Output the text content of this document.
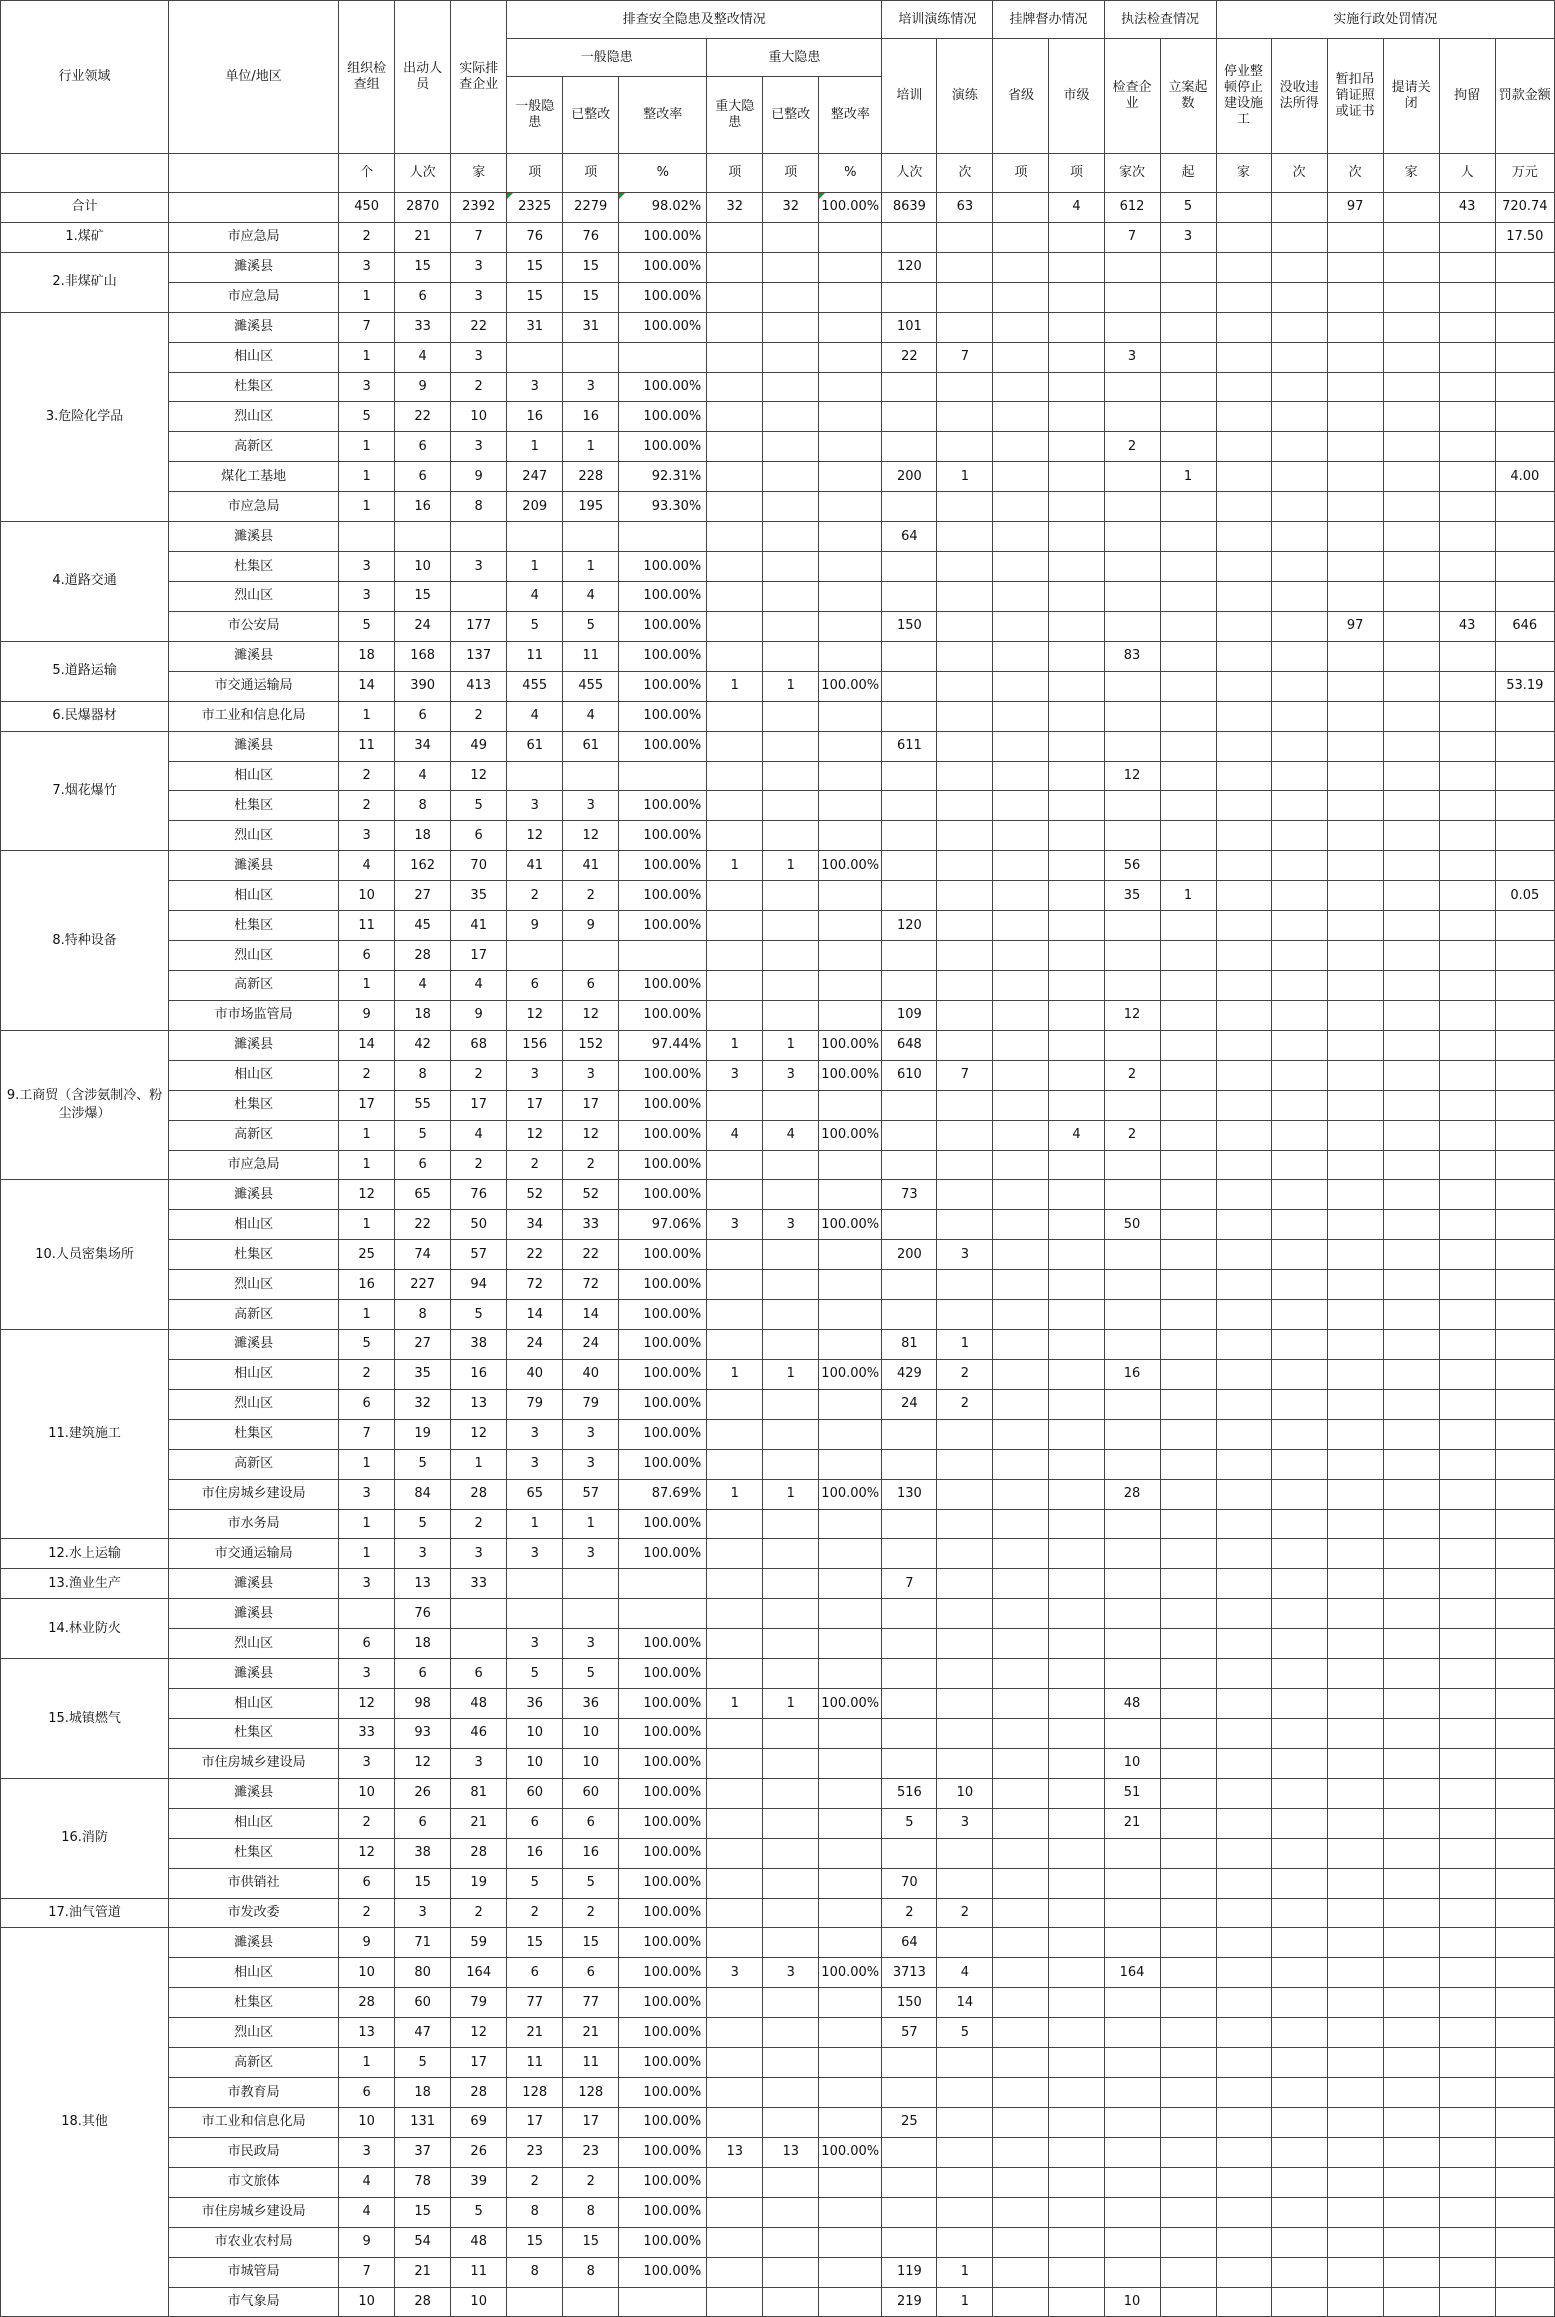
行业领域	单位/地区	组织检查组	出动人员	实际排查企业	排查安全隐患及整改情况						培训演练情况		挂牌督办情况		执法检查情况		实施行政处罚情况					
					一般隐患			重大隐患			培训	演练	省级	市级	检查企业	立案起数	停业整顿停止建设施工	没收违法所得	暂扣吊销证照或证书	提请关闭	拘留	罚款金额
					一般隐患	已整改	整改率	重大隐患	已整改	整改率												
		个	人次	家	项	项	%	项	项	%	人次	次	项	项	家次	起	家	次	次	家	人	万元
合计		450	2870	2392	2325	2279	98.02%	32	32	100.00%	8639	63		4	612	5			97		43	720.74
1.煤矿	市应急局	2	21	7	76	76	100.00%								7	3						17.50
2.非煤矿山	濉溪县	3	15	3	15	15	100.00%				120											
	市应急局	1	6	3	15	15	100.00%															
3.危险化学品	濉溪县	7	33	22	31	31	100.00%				101											
	相山区	1	4	3							22	7			3							
	杜集区	3	9	2	3	3	100.00%															
	烈山区	5	22	10	16	16	100.00%															
	高新区	1	6	3	1	1	100.00%								2							
	煤化工基地	1	6	9	247	228	92.31%				200	1				1						4.00
	市应急局	1	16	8	209	195	93.30%															
4.道路交通	濉溪县										64											
	杜集区	3	10	3	1	1	100.00%															
	烈山区	3	15		4	4	100.00%															
	市公安局	5	24	177	5	5	100.00%				150								97		43	646
5.道路运输	濉溪县	18	168	137	11	11	100.00%								83							
	市交通运输局	14	390	413	455	455	100.00%	1	1	100.00%												53.19
6.民爆器材	市工业和信息化局	1	6	2	4	4	100.00%															
7.烟花爆竹	濉溪县	11	34	49	61	61	100.00%				611											
	相山区	2	4	12											12							
	杜集区	2	8	5	3	3	100.00%															
	烈山区	3	18	6	12	12	100.00%															
8.特种设备	濉溪县	4	162	70	41	41	100.00%	1	1	100.00%					56							
	相山区	10	27	35	2	2	100.00%								35	1						0.05
	杜集区	11	45	41	9	9	100.00%				120											
	烈山区	6	28	17																		
	高新区	1	4	4	6	6	100.00%															
	市市场监管局	9	18	9	12	12	100.00%				109				12							
9.工商贸（含涉氨制冷、粉尘涉爆）	濉溪县	14	42	68	156	152	97.44%	1	1	100.00%	648											
	相山区	2	8	2	3	3	100.00%	3	3	100.00%	610	7			2							
	杜集区	17	55	17	17	17	100.00%															
	高新区	1	5	4	12	12	100.00%	4	4	100.00%				4	2							
	市应急局	1	6	2	2	2	100.00%															
10.人员密集场所	濉溪县	12	65	76	52	52	100.00%				73											
	相山区	1	22	50	34	33	97.06%	3	3	100.00%					50							
	杜集区	25	74	57	22	22	100.00%				200	3										
	烈山区	16	227	94	72	72	100.00%															
	高新区	1	8	5	14	14	100.00%															
11.建筑施工	濉溪县	5	27	38	24	24	100.00%				81	1										
	相山区	2	35	16	40	40	100.00%	1	1	100.00%	429	2			16							
	烈山区	6	32	13	79	79	100.00%				24	2										
	杜集区	7	19	12	3	3	100.00%															
	高新区	1	5	1	3	3	100.00%															
	市住房城乡建设局	3	84	28	65	57	87.69%	1	1	100.00%	130				28							
	市水务局	1	5	2	1	1	100.00%															
12.水上运输	市交通运输局	1	3	3	3	3	100.00%															
13.渔业生产	濉溪县	3	13	33							7											
14.林业防火	濉溪县		76																			
	烈山区	6	18		3	3	100.00%															
15.城镇燃气	濉溪县	3	6	6	5	5	100.00%															
	相山区	12	98	48	36	36	100.00%	1	1	100.00%					48							
	杜集区	33	93	46	10	10	100.00%															
	市住房城乡建设局	3	12	3	10	10	100.00%								10							
16.消防	濉溪县	10	26	81	60	60	100.00%				516	10			51							
	相山区	2	6	21	6	6	100.00%				5	3			21							
	杜集区	12	38	28	16	16	100.00%															
	市供销社	6	15	19	5	5	100.00%				70											
17.油气管道	市发改委	2	3	2	2	2	100.00%				2	2										
18.其他	濉溪县	9	71	59	15	15	100.00%				64											
	相山区	10	80	164	6	6	100.00%	3	3	100.00%	3713	4			164							
	杜集区	28	60	79	77	77	100.00%				150	14										
	烈山区	13	47	12	21	21	100.00%				57	5										
	高新区	1	5	17	11	11	100.00%															
	市教育局	6	18	28	128	128	100.00%															
	市工业和信息化局	10	131	69	17	17	100.00%				25											
	市民政局	3	37	26	23	23	100.00%	13	13	100.00%												
	市文旅体	4	78	39	2	2	100.00%															
	市住房城乡建设局	4	15	5	8	8	100.00%															
	市农业农村局	9	54	48	15	15	100.00%															
	市城管局	7	21	11	8	8	100.00%				119	1										
	市气象局	10	28	10							219	1			10							
